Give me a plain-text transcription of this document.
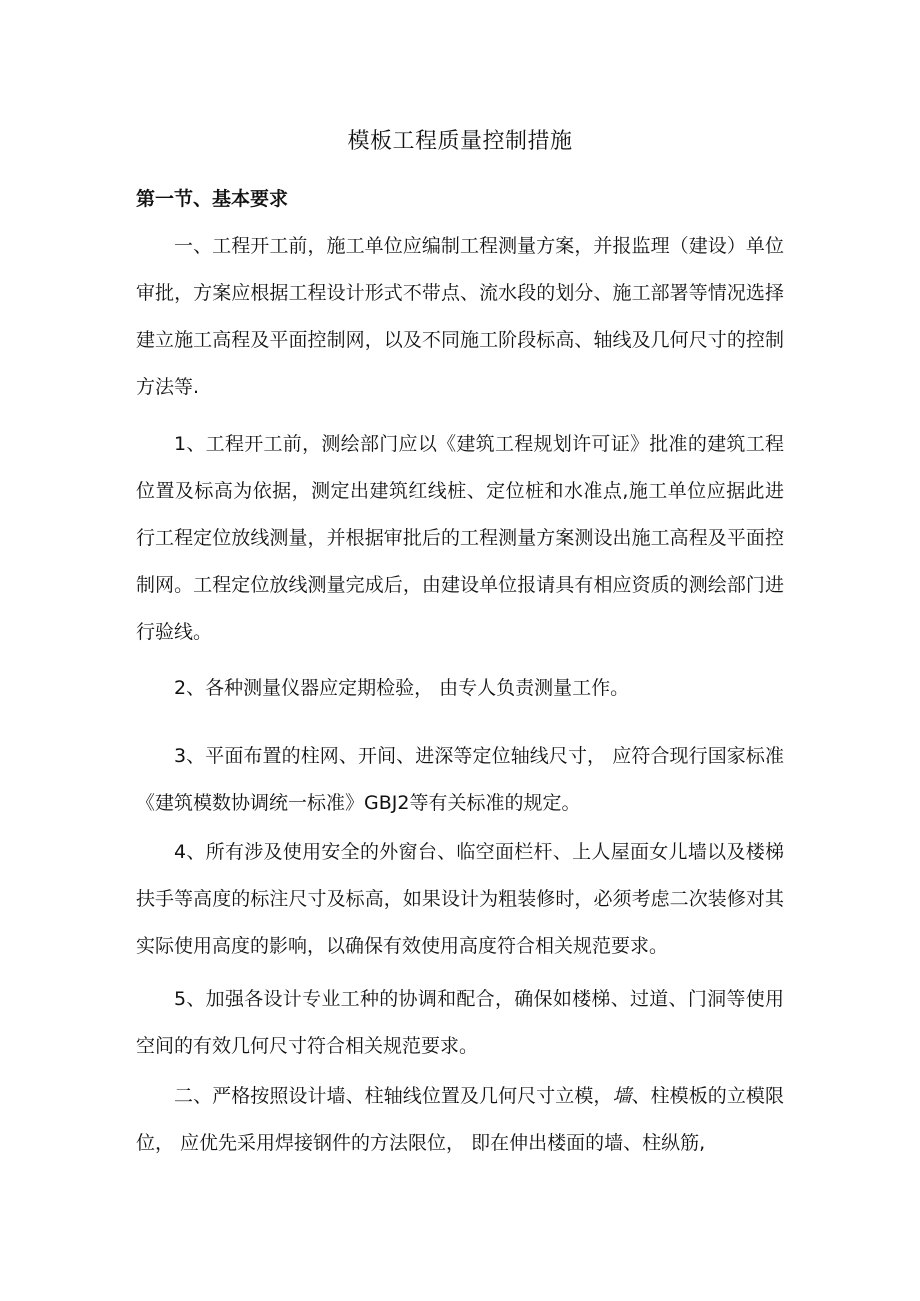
模板工程质量控制措施
第一节、基本要求

一、工程开工前，施工单位应编制工程测量方案，并报监理（建设）单位审批，方案应根据工程设计形式不带点、流水段的划分、施工部署等情况选择建立施工高程及平面控制网，以及不同施工阶段标高、轴线及几何尺寸的控制方法等.

1、工程开工前，测绘部门应以《建筑工程规划许可证》批准的建筑工程位置及标高为依据，测定出建筑红线桩、定位桩和水准点,施工单位应据此进行工程定位放线测量，并根据审批后的工程测量方案测设出施工高程及平面控制网。工程定位放线测量完成后，由建设单位报请具有相应资质的测绘部门进行验线。

2、各种测量仪器应定期检验， 由专人负责测量工作。

3、平面布置的柱网、开间、进深等定位轴线尺寸， 应符合现行国家标准《建筑模数协调统一标准》GBJ2等有关标准的规定。

4、所有涉及使用安全的外窗台、临空面栏杆、上人屋面女儿墙以及楼梯扶手等高度的标注尺寸及标高，如果设计为粗装修时，必须考虑二次装修对其实际使用高度的影响，以确保有效使用高度符合相关规范要求。

5、加强各设计专业工种的协调和配合，确保如楼梯、过道、门洞等使用空间的有效几何尺寸符合相关规范要求。

二、严格按照设计墙、柱轴线位置及几何尺寸立模，墙、柱模板的立模限位， 应优先采用焊接钢件的方法限位， 即在伸出楼面的墙、柱纵筋,
